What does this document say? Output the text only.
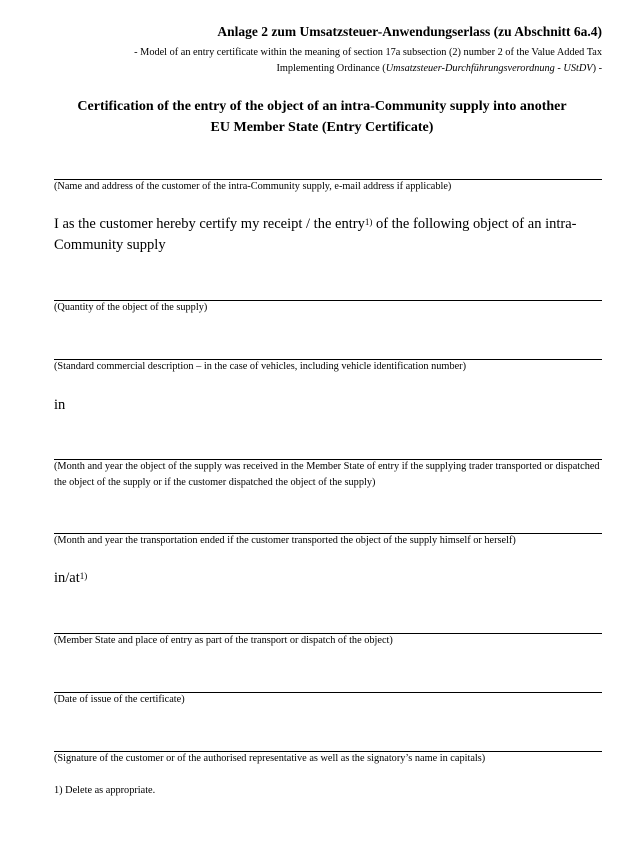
Anlage 2 zum Umsatzsteuer-Anwendungserlass (zu Abschnitt 6a.4)
- Model of an entry certificate within the meaning of section 17a subsection (2) number 2 of the Value Added Tax Implementing Ordinance (Umsatzsteuer-Durchführungsverordnung - UStDV) -
Certification of the entry of the object of an intra-Community supply into another
EU Member State (Entry Certificate)
(Name and address of the customer of the intra-Community supply, e-mail address if applicable)
I as the customer hereby certify my receipt / the entry$^{1)}$ of the following object of an intra-Community supply
(Quantity of the object of the supply)
(Standard commercial description – in the case of vehicles, including vehicle identification number)
in
(Month and year the object of the supply was received in the Member State of entry if the supplying trader transported or dispatched the object of the supply or if the customer dispatched the object of the supply)
(Month and year the transportation ended if the customer transported the object of the supply himself or herself)
$in/at^{1)}$
(Member State and place of entry as part of the transport or dispatch of the object)
(Date of issue of the certificate)
(Signature of the customer or of the authorised representative as well as the signatory’s name in capitals)
1) Delete as appropriate.
